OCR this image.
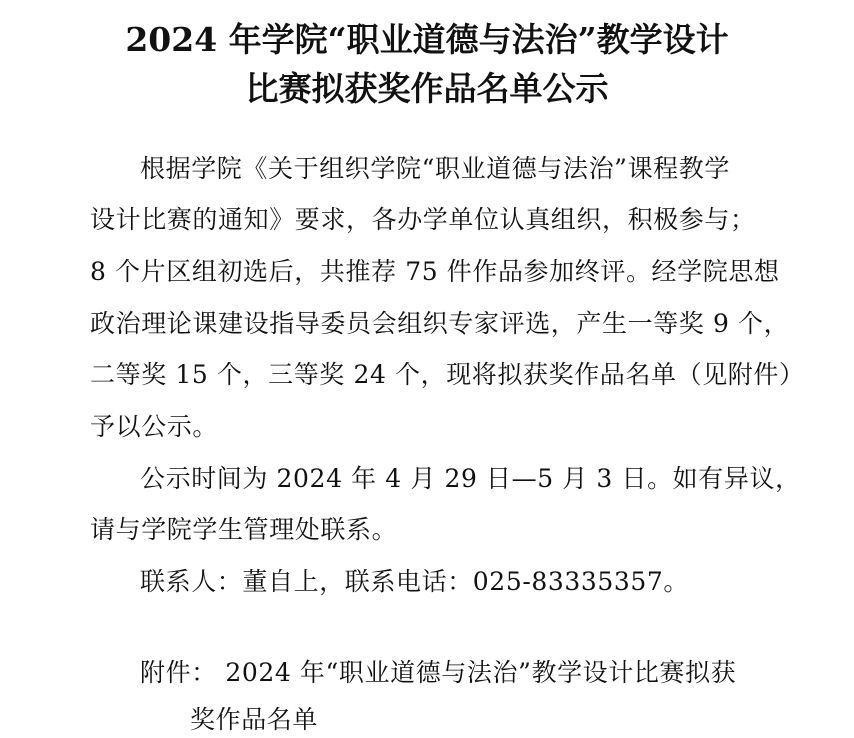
2024 年学院“职业道德与法治”教学设计
比赛拟获奖作品名单公示
根据学院《关于组织学院“职业道德与法治”课程教学
设计比赛的通知》要求，各办学单位认真组织，积极参与；
8 个片区组初选后，共推荐 75 件作品参加终评。经学院思想
政治理论课建设指导委员会组织专家评选，产生一等奖 9 个，
二等奖 15 个，三等奖 24 个，现将拟获奖作品名单（见附件）
予以公示。
公示时间为 2024 年 4 月 29 日—5 月 3 日。如有异议，
请与学院学生管理处联系。
联系人：董自上，联系电话：025-83335357。
附件： 2024 年“职业道德与法治”教学设计比赛拟获
奖作品名单
